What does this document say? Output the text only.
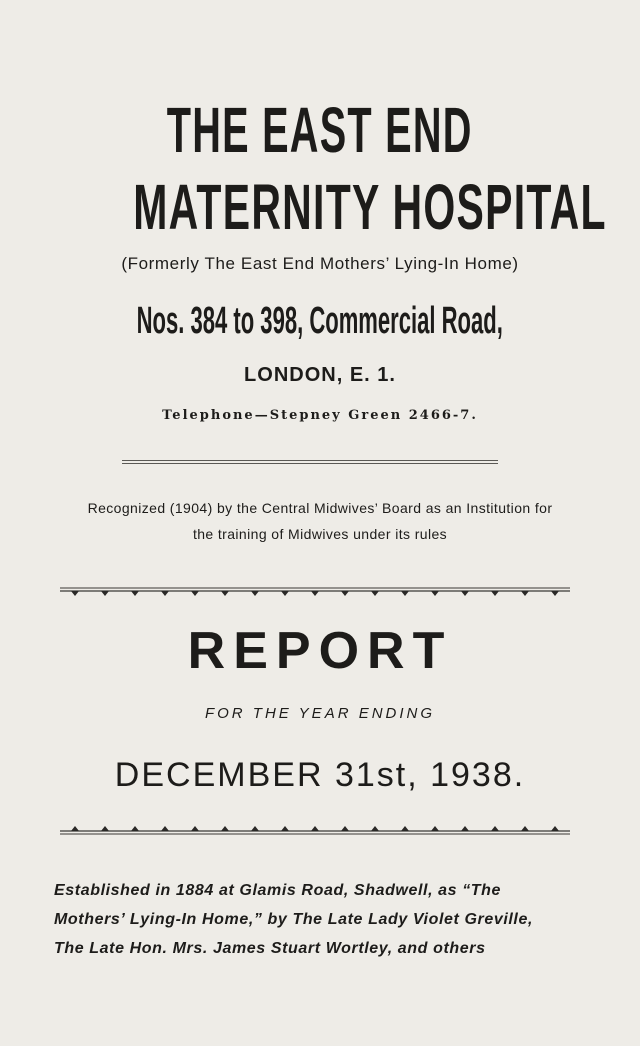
THE EAST END
MATERNITY HOSPITAL
(Formerly The East End Mothers’ Lying-In Home)
Nos. 384 to 398, Commercial Road,
LONDON, E. 1.
Telephone—Stepney Green 2466-7.
Recognized (1904) by the Central Midwives’ Board as an Institution for
the training of Midwives under its rules
REPORT
FOR THE YEAR ENDING
DECEMBER 31st, 1938.
Established in 1884 at Glamis Road, Shadwell, as “The
Mothers’ Lying-In Home,” by The Late Lady Violet Greville,
The Late Hon. Mrs. James Stuart Wortley, and others
